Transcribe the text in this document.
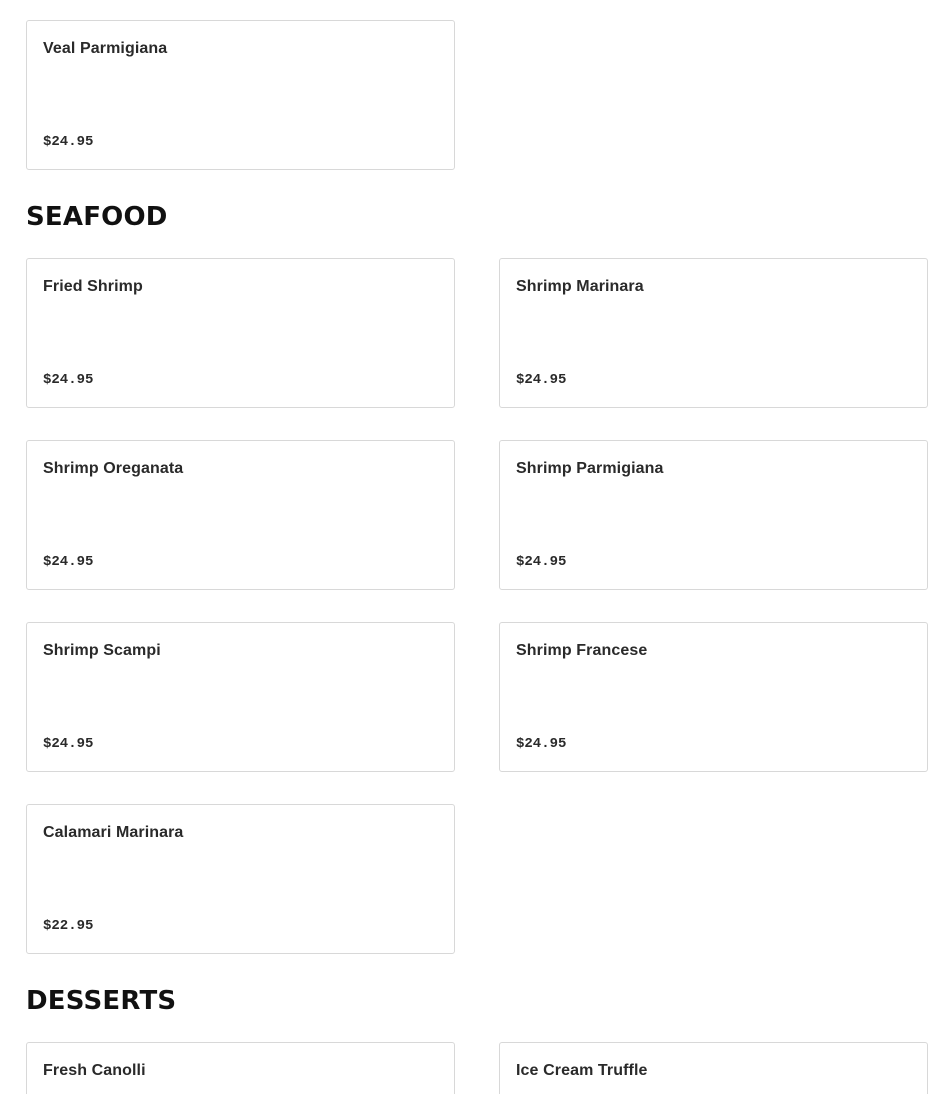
Veal Parmigiana
$24.95
SEAFOOD
Fried Shrimp
$24.95
Shrimp Marinara
$24.95
Shrimp Oreganata
$24.95
Shrimp Parmigiana
$24.95
Shrimp Scampi
$24.95
Shrimp Francese
$24.95
Calamari Marinara
$22.95
DESSERTS
Fresh Canolli	Ice Cream Truffle
